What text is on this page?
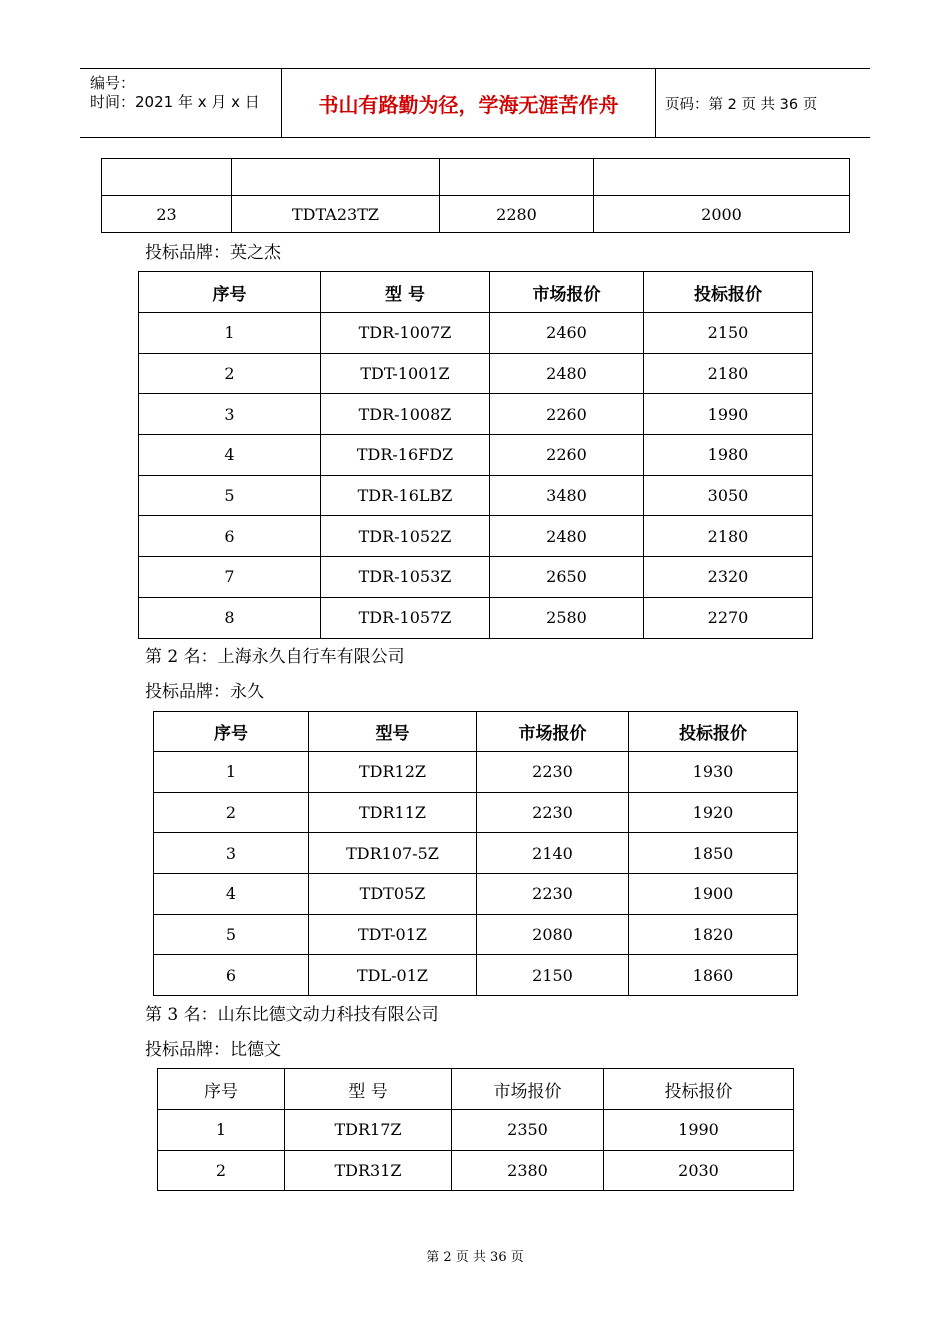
编号：
时间：2021 年 x 月 x 日	书山有路勤为径，学海无涯苦作舟	页码：第 2 页 共 36 页

23	TDTA23TZ	2280	2000
投标品牌：英之杰
序号	型 号	市场报价	投标报价
1	TDR-1007Z	2460	2150
2	TDT-1001Z	2480	2180
3	TDR-1008Z	2260	1990
4	TDR-16FDZ	2260	1980
5	TDR-16LBZ	3480	3050
6	TDR-1052Z	2480	2180
7	TDR-1053Z	2650	2320
8	TDR-1057Z	2580	2270
第 2 名：上海永久自行车有限公司
投标品牌：永久
序号	型号	市场报价	投标报价
1	TDR12Z	2230	1930
2	TDR11Z	2230	1920
3	TDR107-5Z	2140	1850
4	TDT05Z	2230	1900
5	TDT-01Z	2080	1820
6	TDL-01Z	2150	1860
第 3 名：山东比德文动力科技有限公司
投标品牌：比德文
序号	型 号	市场报价	投标报价
1	TDR17Z	2350	1990
2	TDR31Z	2380	2030
第 2 页 共 36 页
